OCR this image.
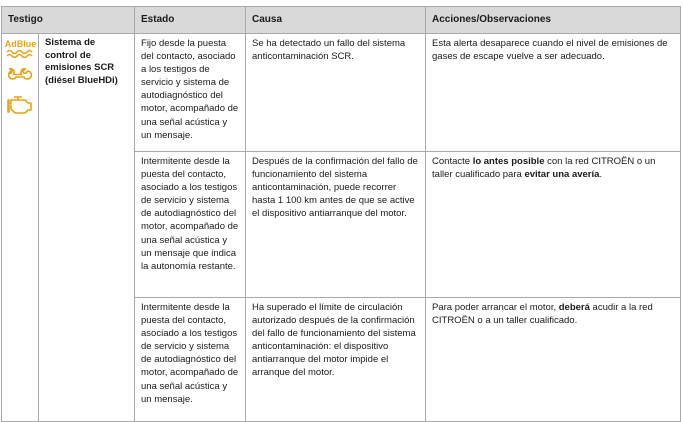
Testigo		Estado	Causa	Acciones/Observaciones

AdBlue	Sistema de control de emisiones SCR (diésel BlueHDi)	Fijo desde la puesta del contacto, asociado a los testigos de servicio y sistema de autodiagnóstico del motor, acompañado de una señal acústica y un mensaje.	Se ha detectado un fallo del sistema anticontaminación SCR.	Esta alerta desaparece cuando el nivel de emisiones de gases de escape vuelve a ser adecuado.
		Intermitente desde la puesta del contacto, asociado a los testigos de servicio y sistema de autodiagnóstico del motor, acompañado de una señal acústica y un mensaje que indica la autonomía restante.	Después de la confirmación del fallo de funcionamiento del sistema anticontaminación, puede recorrer hasta 1 100 km antes de que se active el dispositivo antiarranque del motor.	Contacte lo antes posible con la red CITROËN o un taller cualificado para evitar una avería.
		Intermitente desde la puesta del contacto, asociado a los testigos de servicio y sistema de autodiagnóstico del motor, acompañado de una señal acústica y un mensaje.	Ha superado el límite de circulación autorizado después de la confirmación del fallo de funcionamiento del sistema anticontaminación: el dispositivo antiarranque del motor impide el arranque del motor.	Para poder arrancar el motor, deberá acudir a la red CITROËN o a un taller cualificado.
